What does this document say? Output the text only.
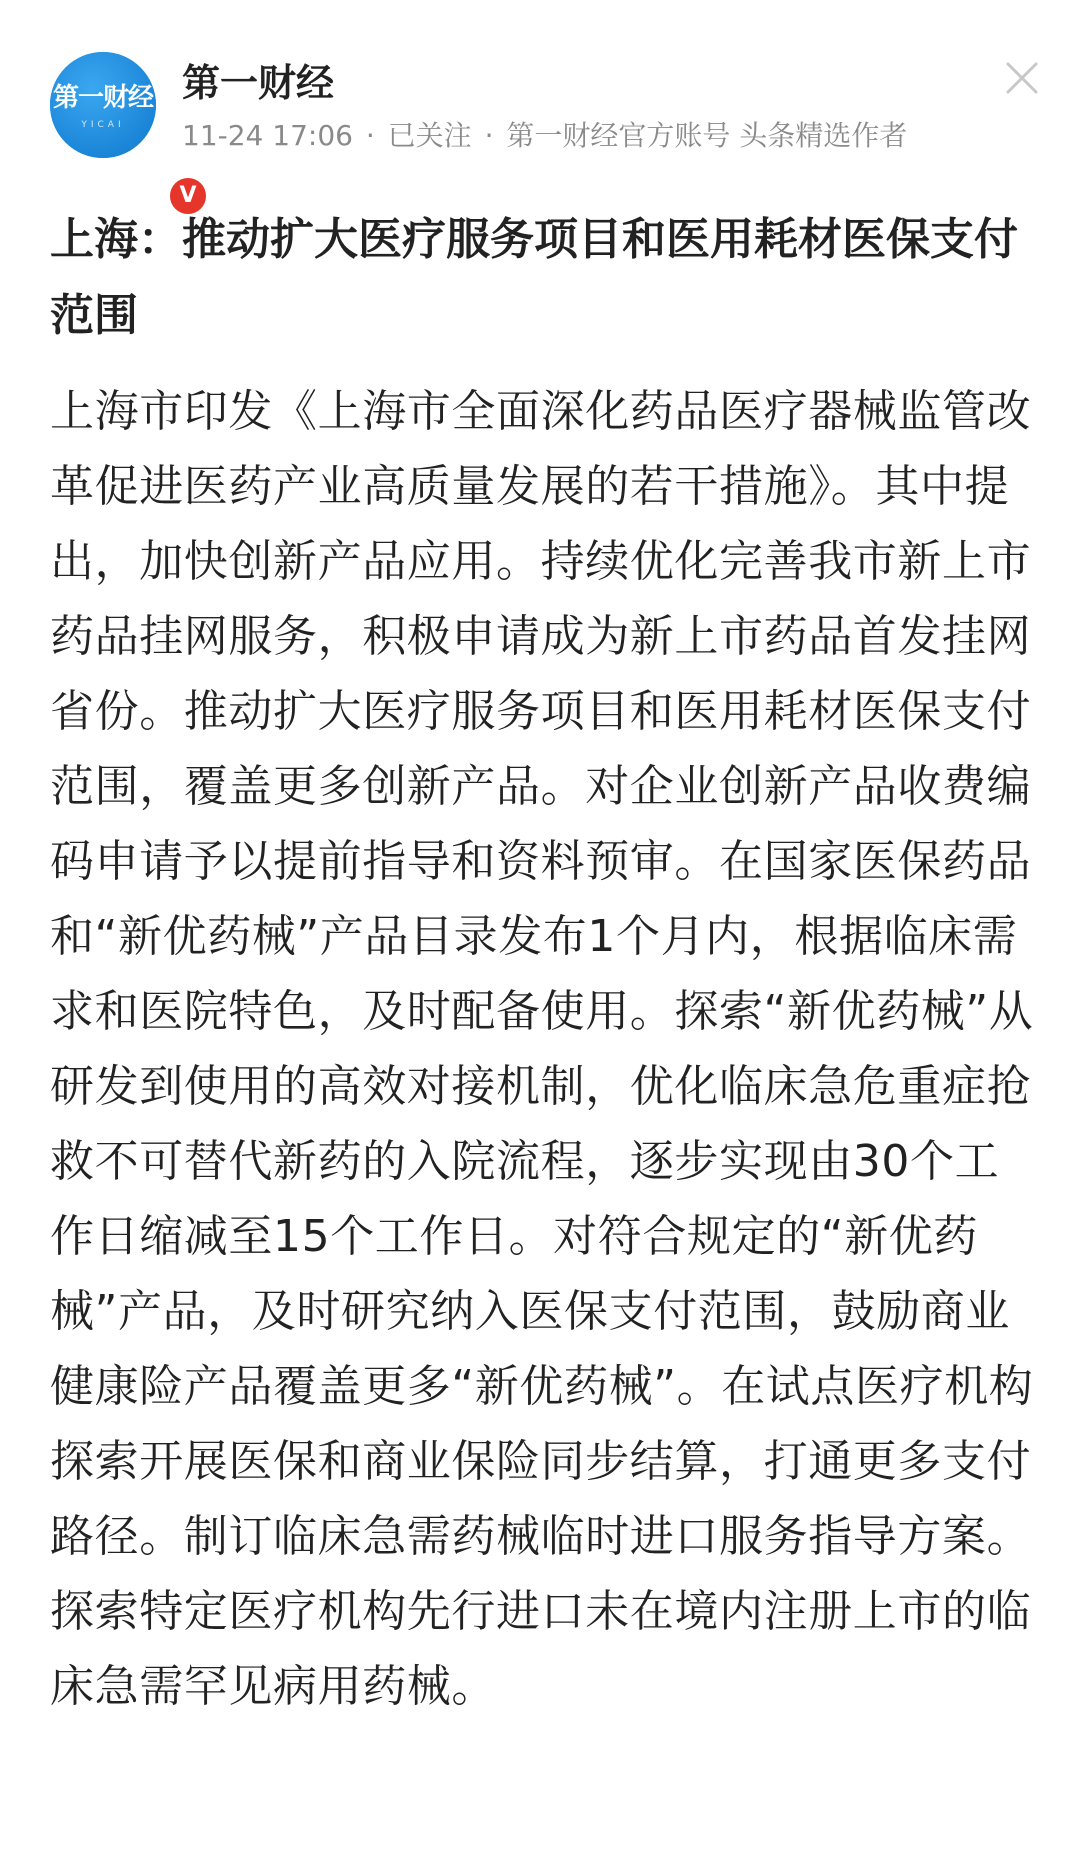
第一财经
YICAI
V
第一财经
11-24 17:06 · 已关注 · 第一财经官方账号 头条精选作者
上海：推动扩大医疗服务项目和医用耗材医保支付范围

上海市印发《上海市全面深化药品医疗器械监管改革促进医药产业高质量发展的若干措施》。其中提出，加快创新产品应用。持续优化完善我市新上市药品挂网服务，积极申请成为新上市药品首发挂网省份。推动扩大医疗服务项目和医用耗材医保支付范围，覆盖更多创新产品。对企业创新产品收费编码申请予以提前指导和资料预审。在国家医保药品和“新优药械”产品目录发布1个月内，根据临床需求和医院特色，及时配备使用。探索“新优药械”从研发到使用的高效对接机制，优化临床急危重症抢救不可替代新药的入院流程，逐步实现由30个工作日缩减至15个工作日。对符合规定的“新优药械”产品，及时研究纳入医保支付范围，鼓励商业健康险产品覆盖更多“新优药械”。在试点医疗机构探索开展医保和商业保险同步结算，打通更多支付路径。制订临床急需药械临时进口服务指导方案。探索特定医疗机构先行进口未在境内注册上市的临床急需罕见病用药械。
